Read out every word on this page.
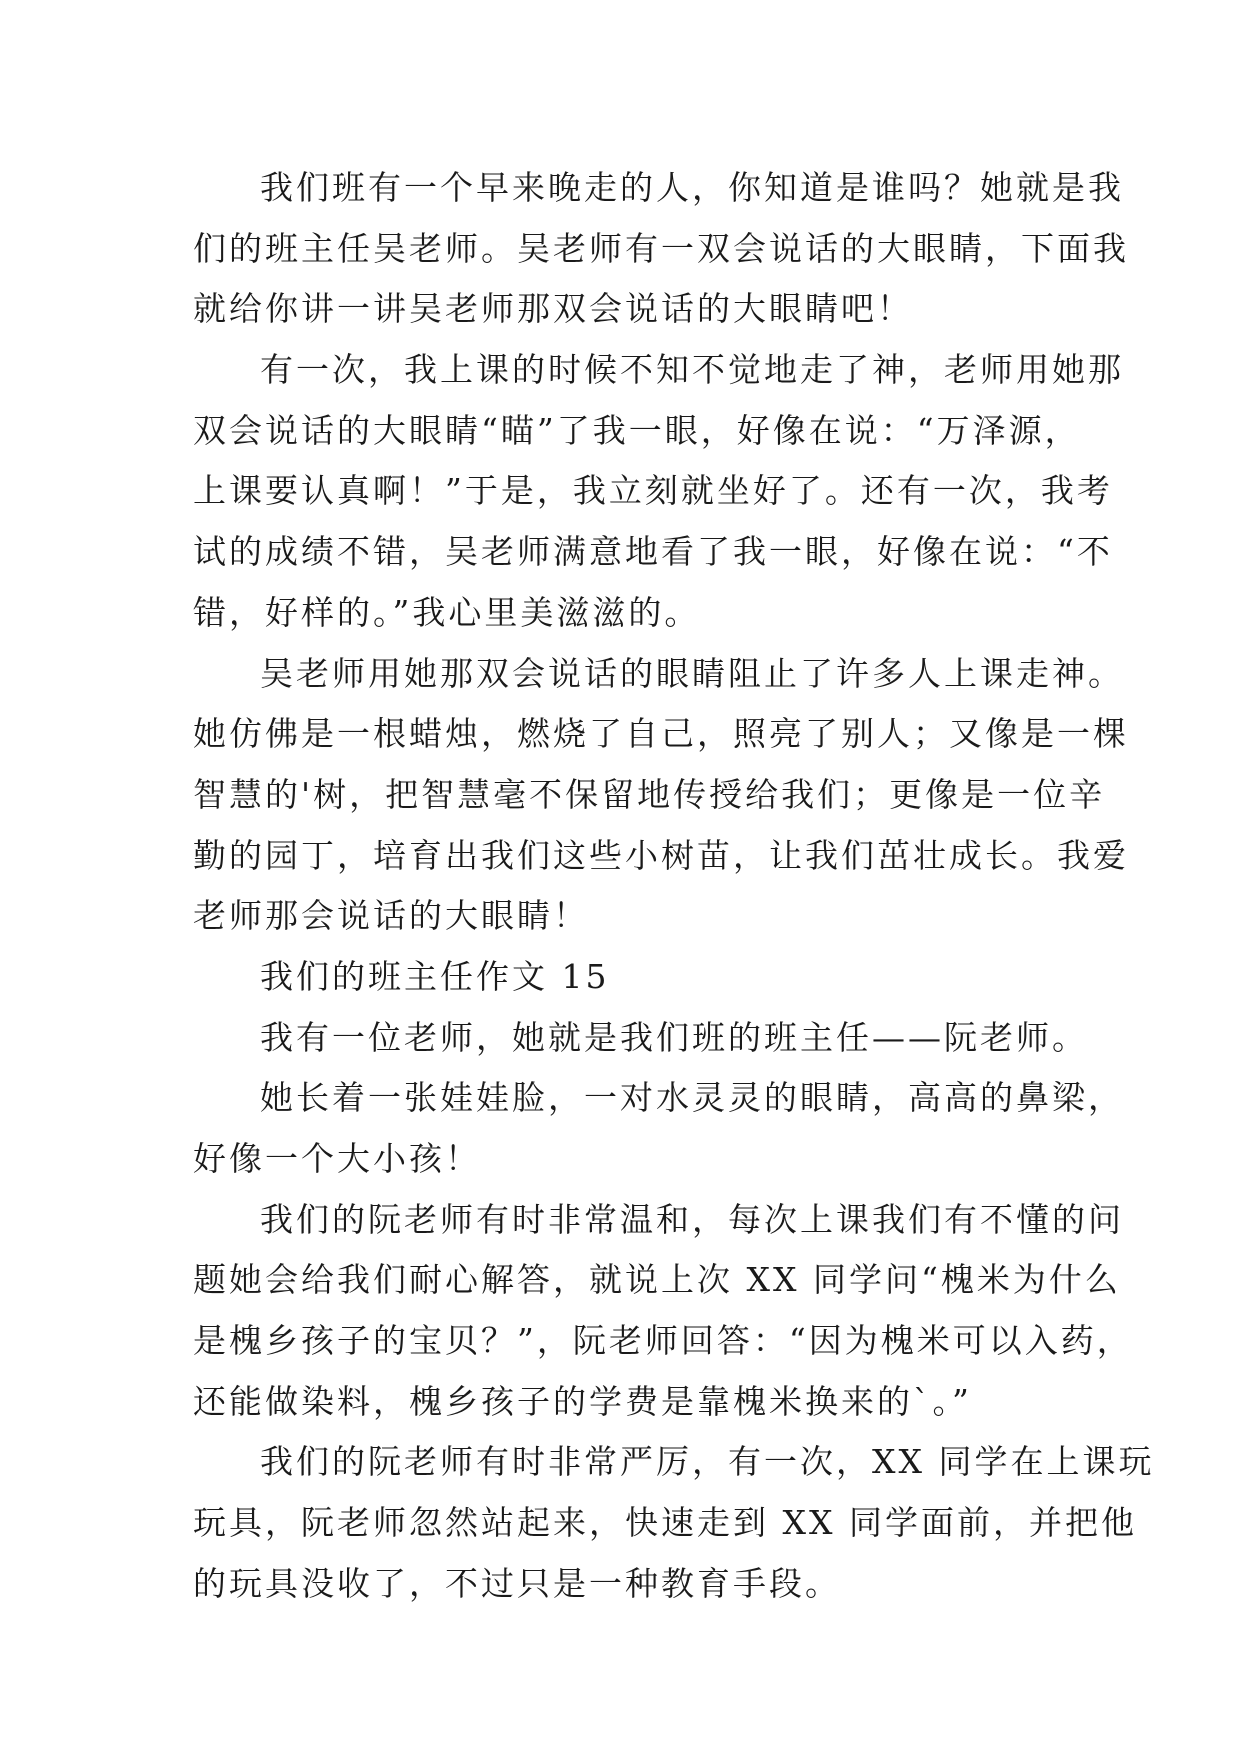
我们班有一个早来晚走的人，你知道是谁吗？她就是我
们的班主任吴老师。吴老师有一双会说话的大眼睛，下面我
就给你讲一讲吴老师那双会说话的大眼睛吧！
有一次，我上课的时候不知不觉地走了神，老师用她那
双会说话的大眼睛“瞄”了我一眼，好像在说：“万泽源，
上课要认真啊！”于是，我立刻就坐好了。还有一次，我考
试的成绩不错，吴老师满意地看了我一眼，好像在说：“不
错，好样的。”我心里美滋滋的。
吴老师用她那双会说话的眼睛阻止了许多人上课走神。
她仿佛是一根蜡烛，燃烧了自己，照亮了别人；又像是一棵
智慧的'树，把智慧毫不保留地传授给我们；更像是一位辛
勤的园丁，培育出我们这些小树苗，让我们茁壮成长。我爱
老师那会说话的大眼睛！
我们的班主任作文 15
我有一位老师，她就是我们班的班主任——阮老师。
她长着一张娃娃脸，一对水灵灵的眼睛，高高的鼻梁，
好像一个大小孩！
我们的阮老师有时非常温和，每次上课我们有不懂的问
题她会给我们耐心解答，就说上次 XX 同学问“槐米为什么
是槐乡孩子的宝贝？”，阮老师回答：“因为槐米可以入药，
还能做染料，槐乡孩子的学费是靠槐米换来的`。”
我们的阮老师有时非常严厉，有一次，XX 同学在上课玩
玩具，阮老师忽然站起来，快速走到 XX 同学面前，并把他
的玩具没收了，不过只是一种教育手段。
